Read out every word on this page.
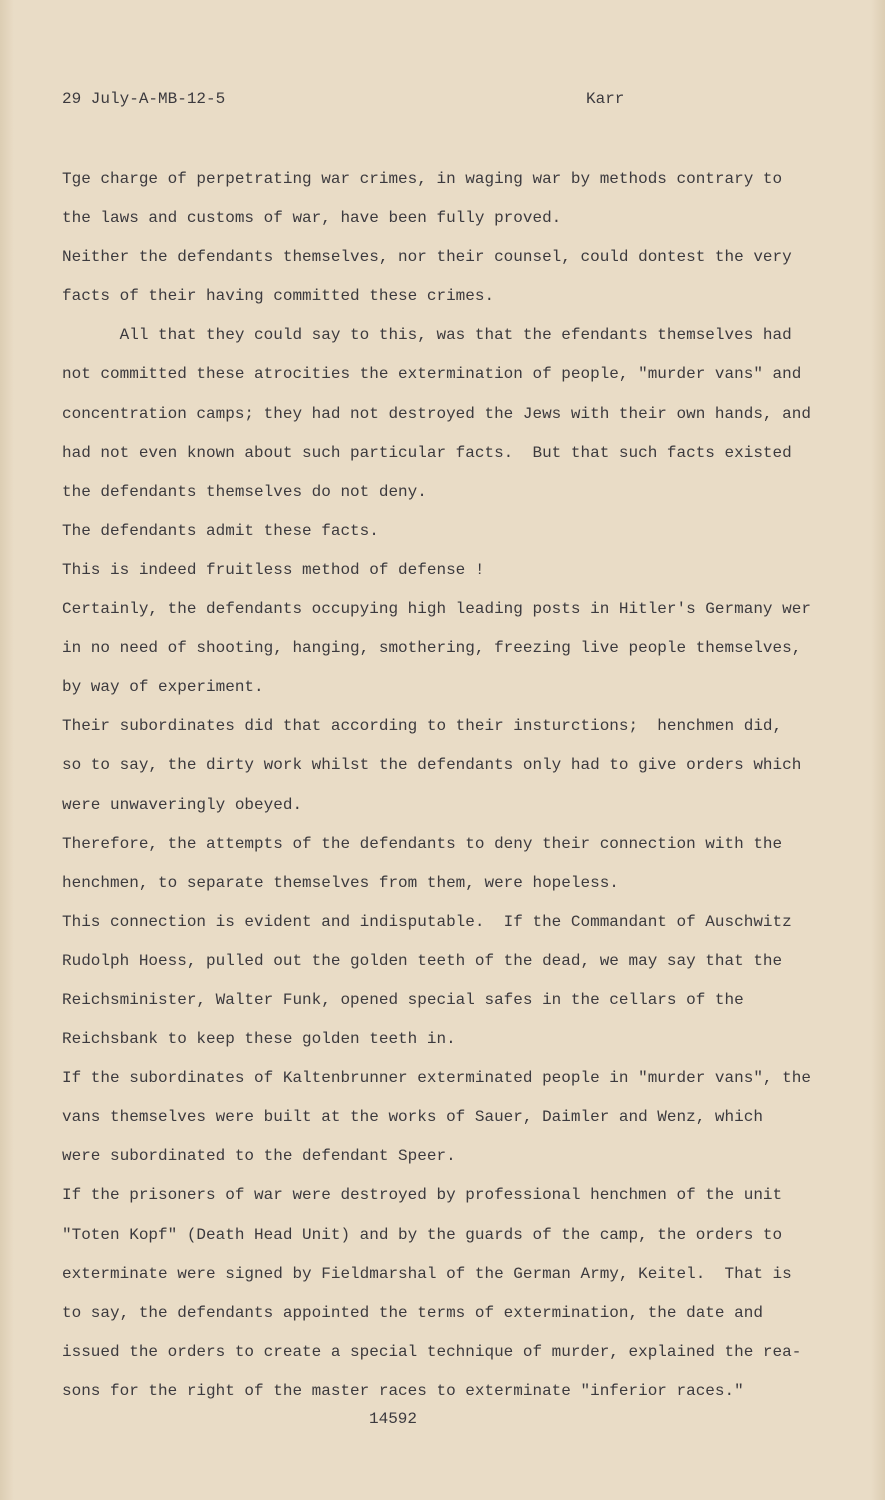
29 July-A-MB-12-5	Karr
Tge charge of perpetrating war crimes, in waging war by methods contrary to
the laws and customs of war, have been fully proved.
Neither the defendants themselves, nor their counsel, could dontest the very
facts of their having committed these crimes.
All that they could say to this, was that the efendants themselves had
not committed these atrocities the extermination of people, "murder vans" and
concentration camps; they had not destroyed the Jews with their own hands, and
had not even known about such particular facts.  But that such facts existed
the defendants themselves do not deny.
The defendants admit these facts.
This is indeed fruitless method of defense !
Certainly, the defendants occupying high leading posts in Hitler's Germany wer
in no need of shooting, hanging, smothering, freezing live people themselves,
by way of experiment.
Their subordinates did that according to their insturctions;  henchmen did,
so to say, the dirty work whilst the defendants only had to give orders which
were unwaveringly obeyed.
Therefore, the attempts of the defendants to deny their connection with the
henchmen, to separate themselves from them, were hopeless.
This connection is evident and indisputable.  If the Commandant of Auschwitz
Rudolph Hoess, pulled out the golden teeth of the dead, we may say that the
Reichsminister, Walter Funk, opened special safes in the cellars of the
Reichsbank to keep these golden teeth in.
If the subordinates of Kaltenbrunner exterminated people in "murder vans", the
vans themselves were built at the works of Sauer, Daimler and Wenz, which
were subordinated to the defendant Speer.
If the prisoners of war were destroyed by professional henchmen of the unit
"Toten Kopf" (Death Head Unit) and by the guards of the camp, the orders to
exterminate were signed by Fieldmarshal of the German Army, Keitel.  That is
to say, the defendants appointed the terms of extermination, the date and
issued the orders to create a special technique of murder, explained the rea-
sons for the right of the master races to exterminate "inferior races."
14592
